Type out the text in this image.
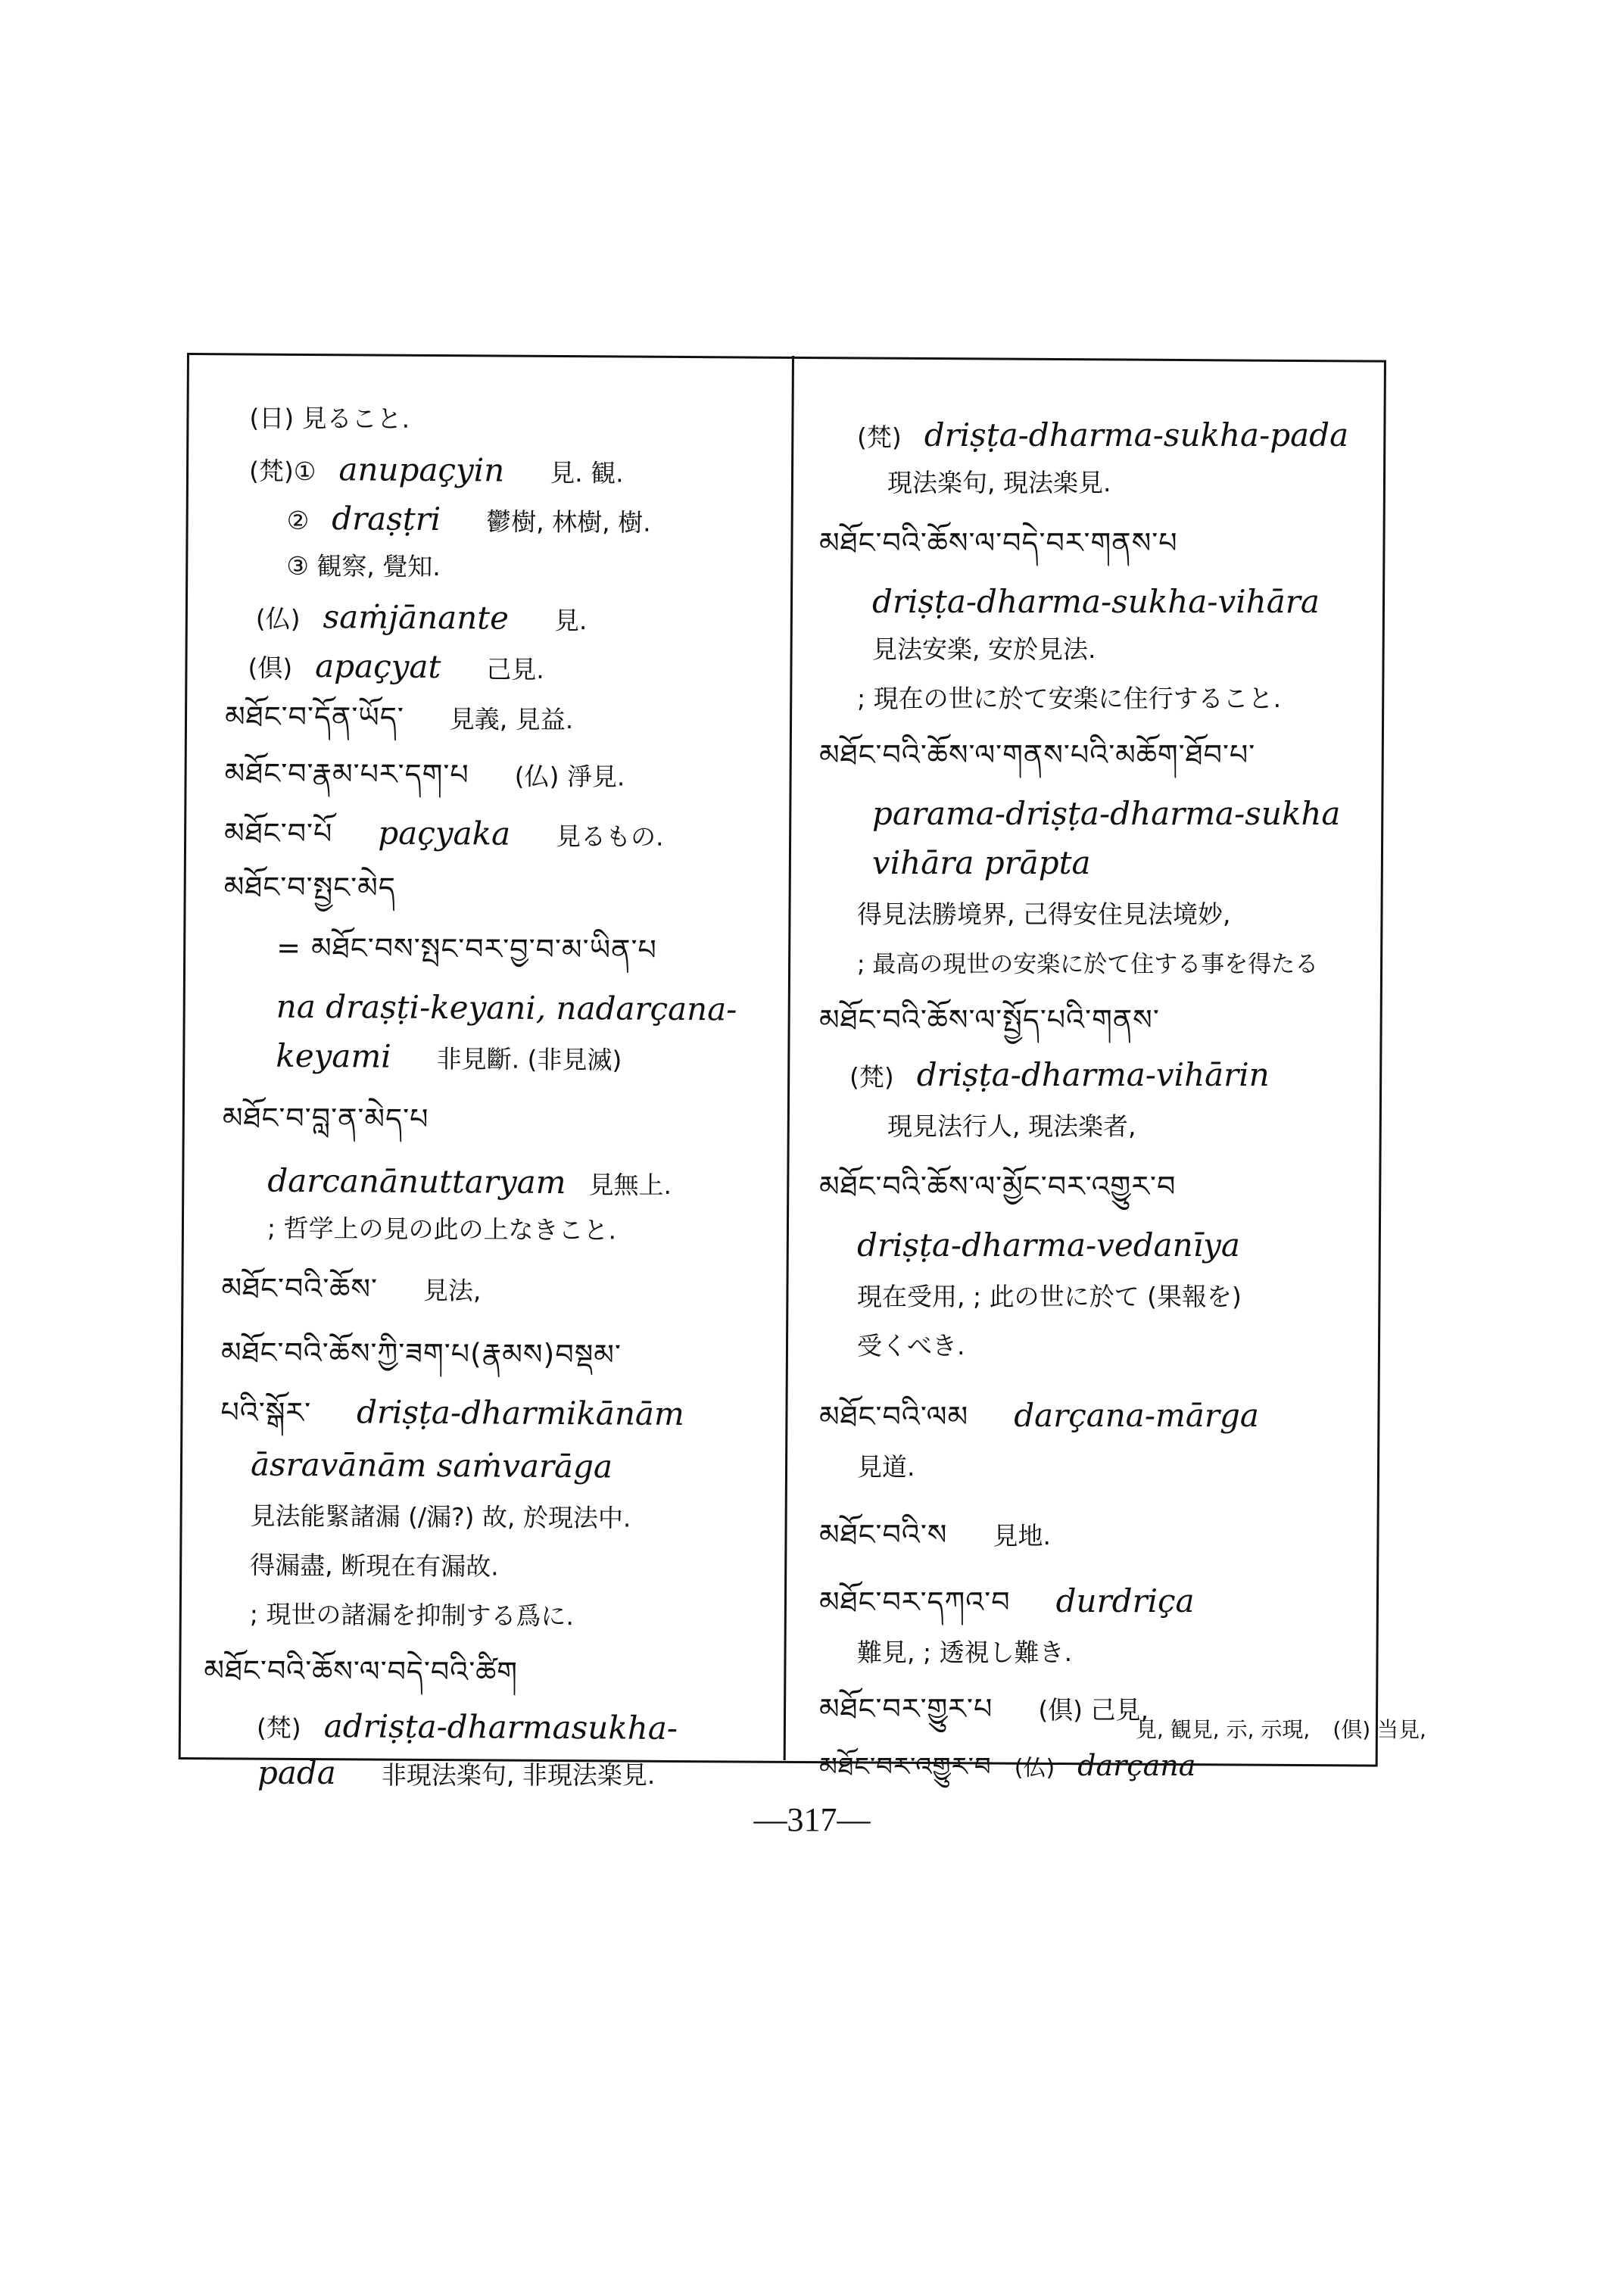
(日) 見ること.
(梵)① anupaçyin 見. 観.
② draṣṭri 鬱樹, 林樹, 樹.
③ 観察, 覺知.
(仏) saṁjānante 見.
(倶) apaçyat 己見.
མཐོང་བ་དོན་ཡོད་ 見義, 見益.
མཐོང་བ་རྣམ་པར་དག་པ (仏) 淨見.
མཐོང་བ་པོ paçyaka 見るもの.
མཐོང་བ་སྤྱང་མེད
= མཐོང་བས་སྤང་བར་བྱ་བ་མ་ཡིན་པ
na draṣṭi-keyani, nadarçana-
keyami 非見斷. (非見滅)
མཐོང་བ་བླ་ན་མེད་པ
darcanānuttaryam 見無上.
; 哲学上の見の此の上なきこと.
མཐོང་བའི་ཆོས་ 見法,
མཐོང་བའི་ཆོས་ཀྱི་ཟག་པ(རྣམས)བསྡམ་
པའི་སྒོར་ driṣṭa-dharmikānām
āsravānām saṁvarāga
見法能緊諸漏 (/漏?) 故, 於現法中.
得漏盡, 断現在有漏故.
; 現世の諸漏を抑制する爲に.
མཐོང་བའི་ཆོས་ལ་བདེ་བའི་ཚིག
(梵) adriṣṭa-dharmasukha-
pada 非現法楽句, 非現法楽見.
(梵) driṣṭa-dharma-sukha-pada
現法楽句, 現法楽見.
མཐོང་བའི་ཆོས་ལ་བདེ་བར་གནས་པ
driṣṭa-dharma-sukha-vihāra
見法安楽, 安於見法.
; 現在の世に於て安楽に住行すること.
མཐོང་བའི་ཆོས་ལ་གནས་པའི་མཆོག་ཐོབ་པ་
parama-driṣṭa-dharma-sukha
vihāra prāpta
得見法勝境界, 己得安住見法境妙,
; 最高の現世の安楽に於て住する事を得たる
མཐོང་བའི་ཆོས་ལ་སྤྱོད་པའི་གནས་
(梵) driṣṭa-dharma-vihārin
現見法行人, 現法楽者,
མཐོང་བའི་ཆོས་ལ་མྱོང་བར་འགྱུར་བ
driṣṭa-dharma-vedanīya
現在受用, ; 此の世に於て (果報を)
受くべき.
མཐོང་བའི་ལམ darçana-mārga
見道.
མཐོང་བའི་ས 見地.
མཐོང་བར་དཀའ་བ durdriça
難見, ; 透視し難き.
མཐོང་བར་གྱུར་པ (倶) 己見,
མཐོང་བར་འགྱུར་བ (仏) darçana
見, 観見, 示, 示現, (倶) 当見,
—317—
